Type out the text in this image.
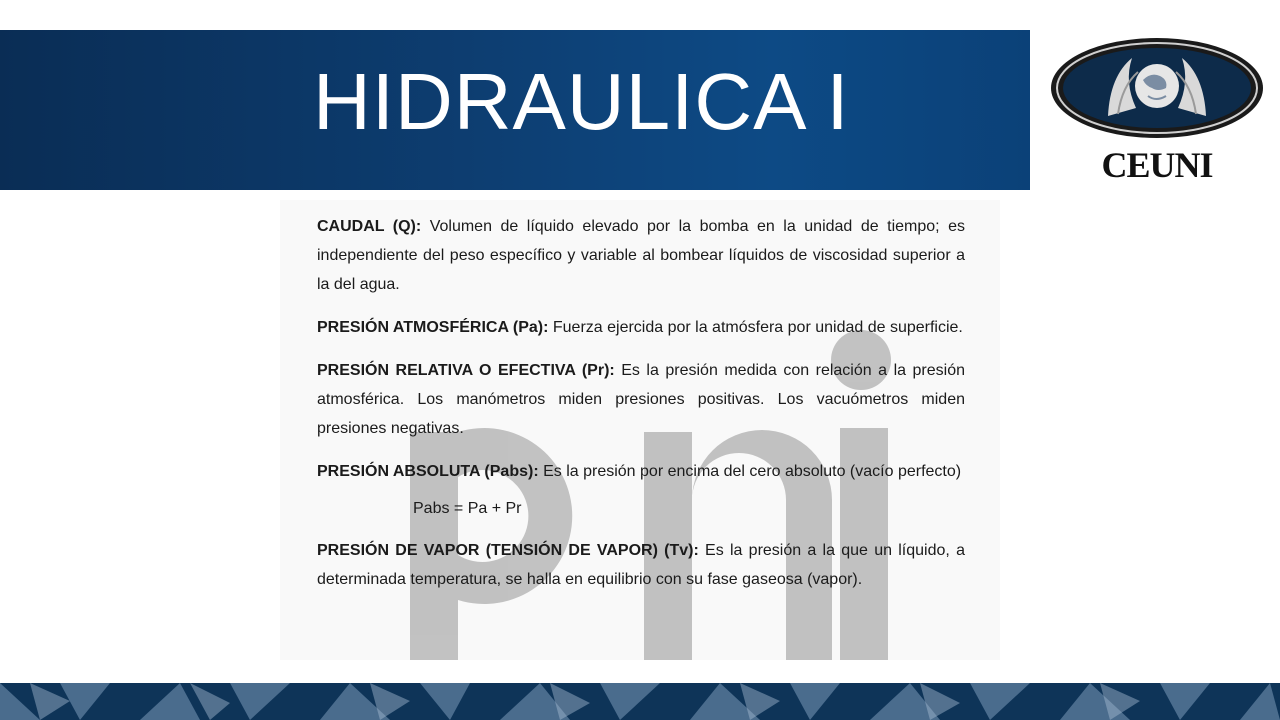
HIDRAULICA I
CEUNI

CAUDAL (Q): Volumen de líquido elevado por la bomba en la unidad de tiempo; es independiente del peso específico y variable al bombear líquidos de viscosidad superior a la del agua.

PRESIÓN ATMOSFÉRICA (Pa): Fuerza ejercida por la atmósfera por unidad de superficie.

PRESIÓN RELATIVA O EFECTIVA (Pr): Es la presión medida con relación a la presión atmosférica. Los manómetros miden presiones positivas. Los vacuómetros miden presiones negativas.

PRESIÓN ABSOLUTA (Pabs): Es la presión por encima del cero absoluto (vacío perfecto)

Pabs = Pa + Pr

PRESIÓN DE VAPOR (TENSIÓN DE VAPOR) (Tv): Es la presión a la que un líquido, a determinada temperatura, se halla en equilibrio con su fase gaseosa (vapor).
